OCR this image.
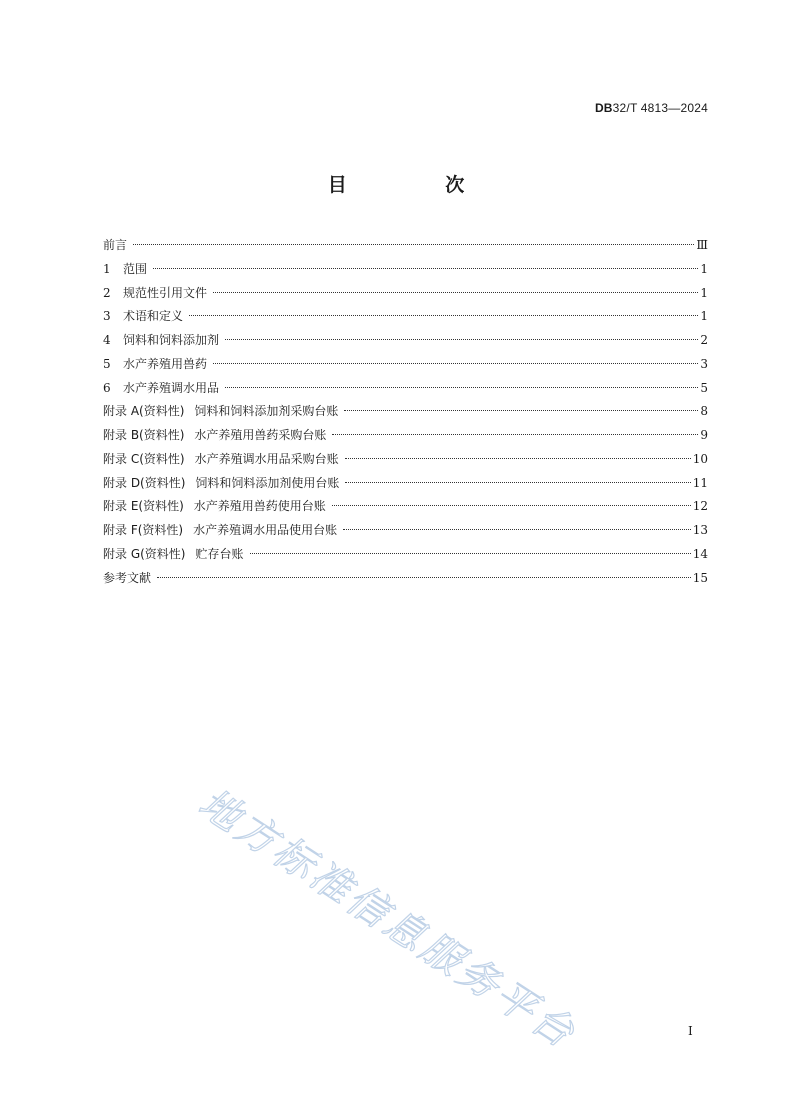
DB32/T 4813—2024
目 次
前言	Ⅲ
1 范围	1
2 规范性引用文件	1
3 术语和定义	1
4 饲料和饲料添加剂	2
5 水产养殖用兽药	3
6 水产养殖调水用品	5
附录 A(资料性) 饲料和饲料添加剂采购台账	8
附录 B(资料性) 水产养殖用兽药采购台账	9
附录 C(资料性) 水产养殖调水用品采购台账	10
附录 D(资料性) 饲料和饲料添加剂使用台账	11
附录 E(资料性) 水产养殖用兽药使用台账	12
附录 F(资料性) 水产养殖调水用品使用台账	13
附录 G(资料性) 贮存台账	14
参考文献	15
地方标准信息服务平台	I
